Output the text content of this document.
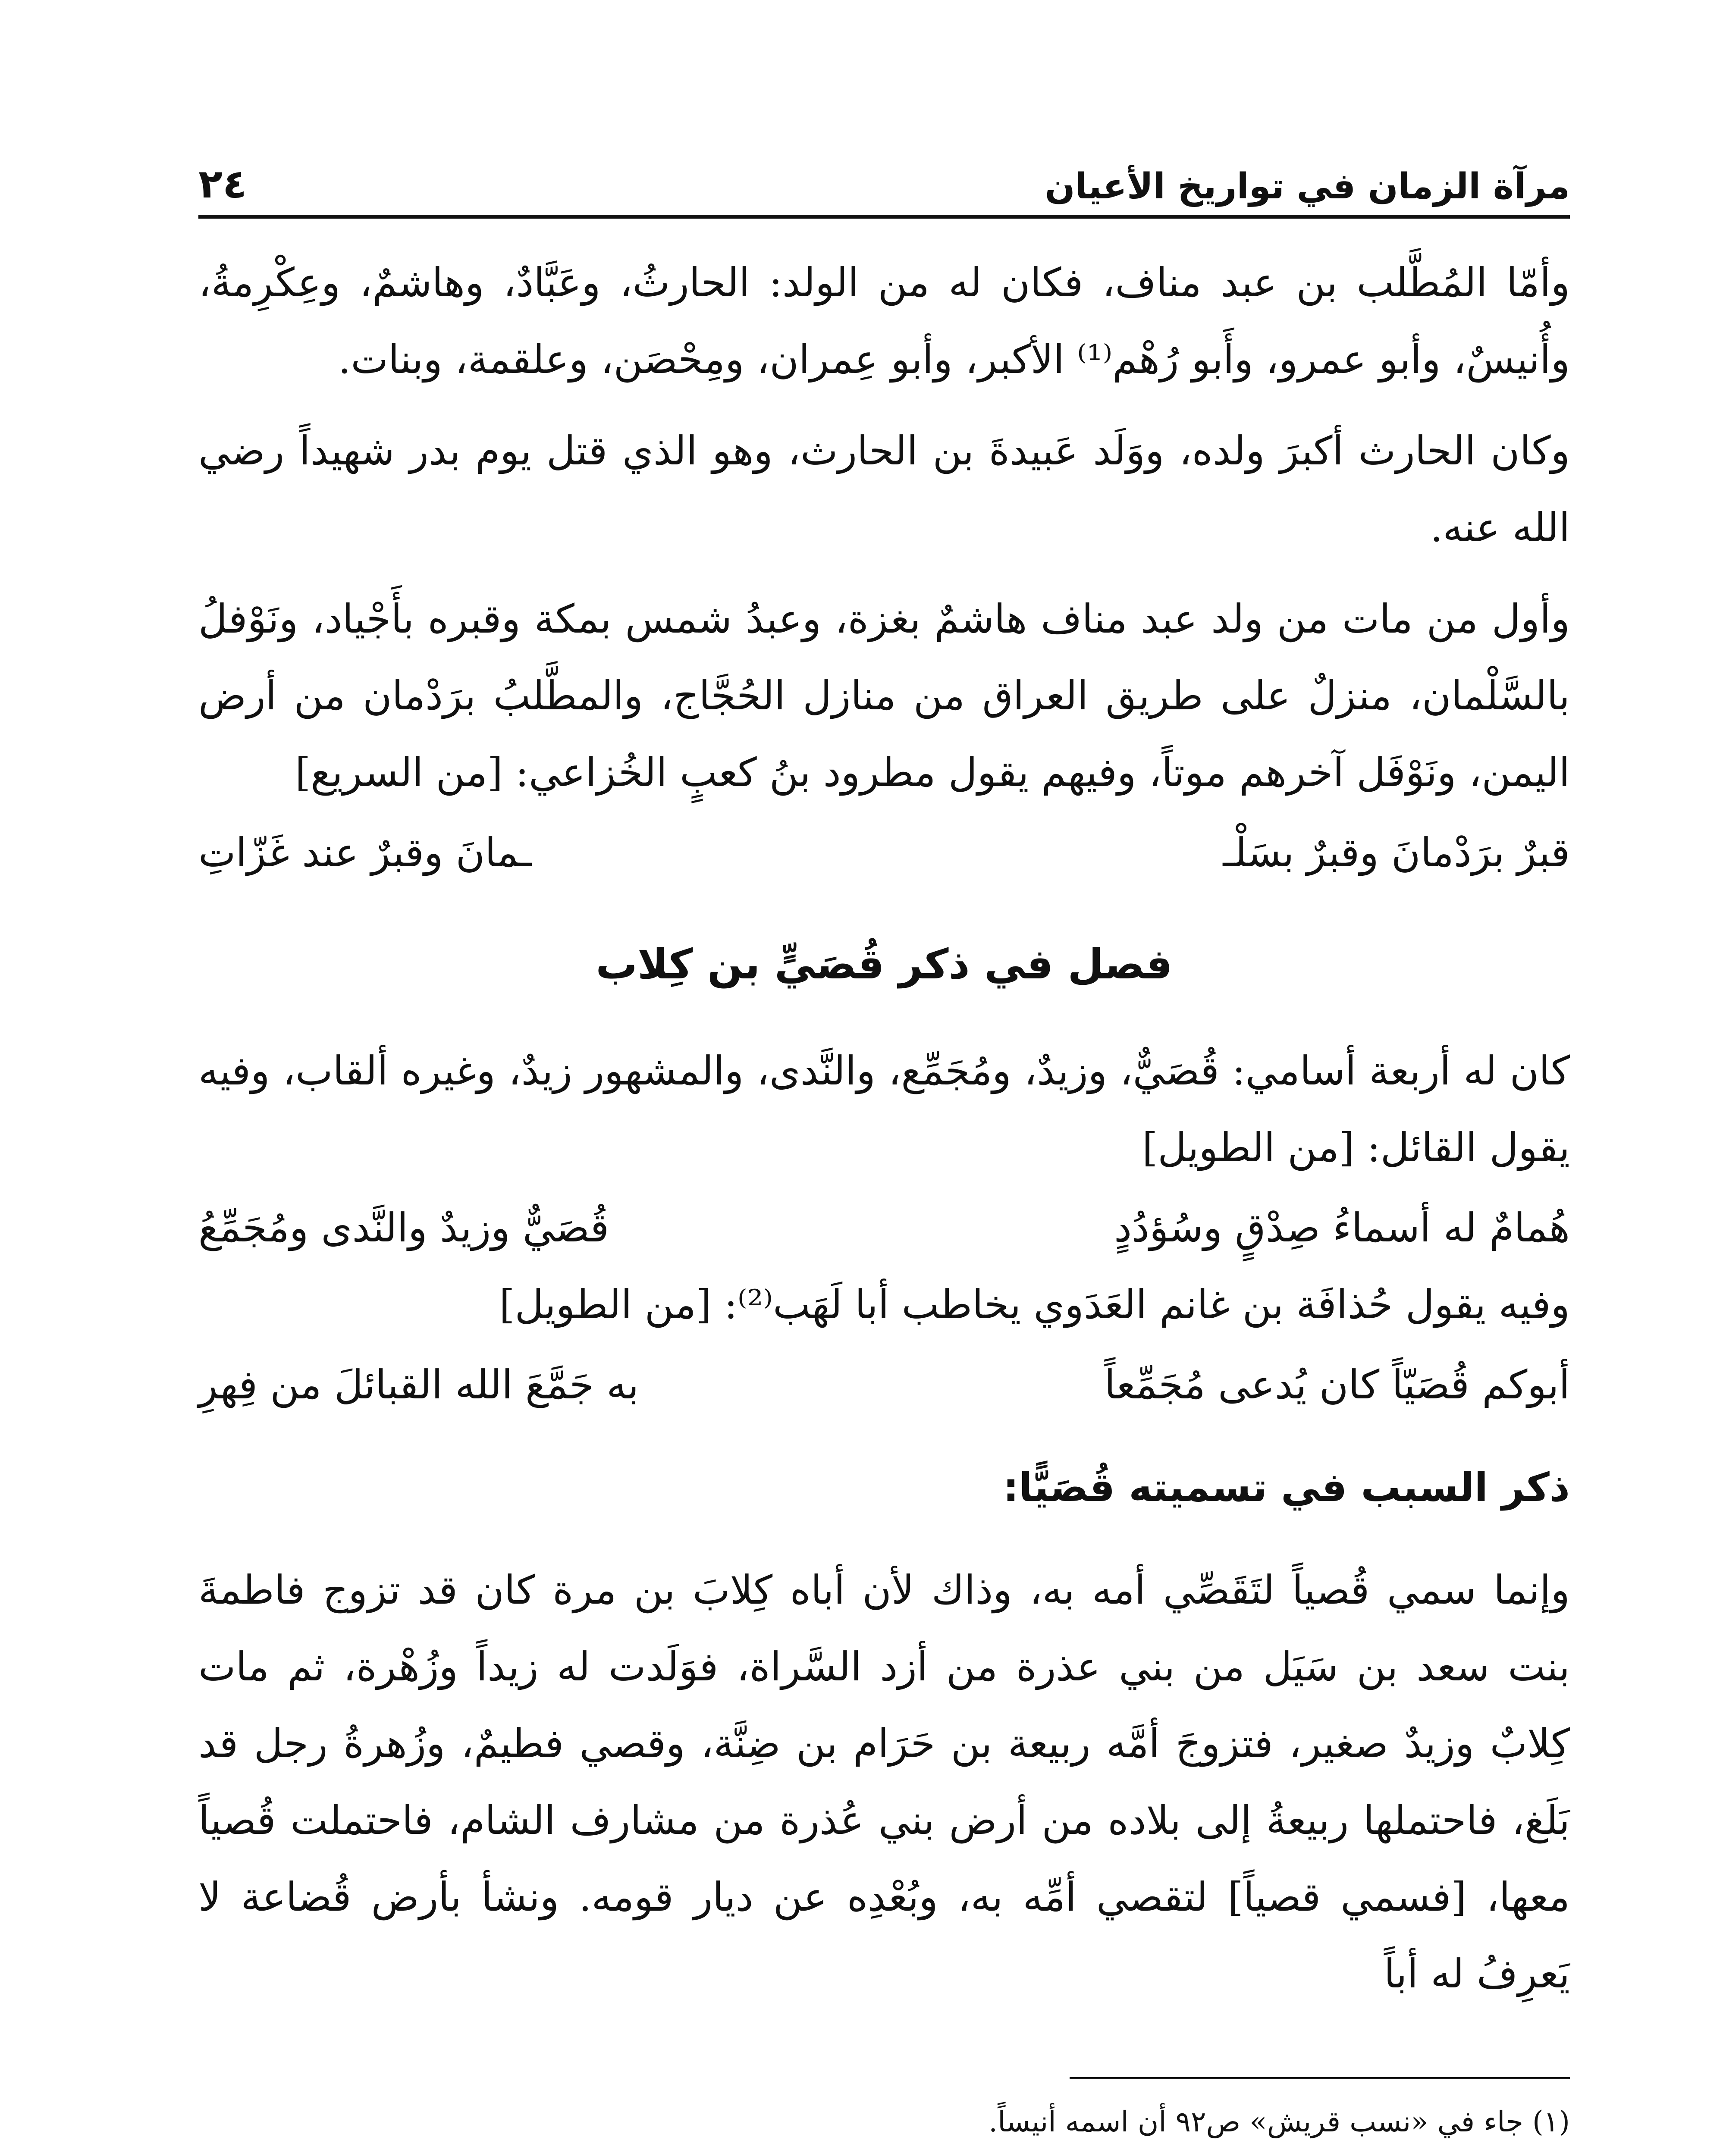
مرآة الزمان في تواريخ الأعيان
٢٤

وأمّا المُطَّلب بن عبد مناف، فكان له من الولد: الحارثُ، وعَبَّادٌ، وهاشمٌ، وعِكْرِمةُ، وأُنيسٌ، وأبو عمرو، وأَبو رُهْم⁽¹⁾ الأكبر، وأبو عِمران، ومِحْصَن، وعلقمة، وبنات.

وكان الحارث أكبرَ ولده، ووَلَد عَبيدةَ بن الحارث، وهو الذي قتل يوم بدر شهيداً رضي الله عنه.

وأول من مات من ولد عبد مناف هاشمٌ بغزة، وعبدُ شمس بمكة وقبره بأَجْياد، ونَوْفلُ بالسَّلْمان، منزلٌ على طريق العراق من منازل الحُجَّاج، والمطَّلبُ برَدْمان من أرض اليمن، ونَوْفَل آخرهم موتاً، وفيهم يقول مطرود بنُ كعبٍ الخُزاعي: [من السريع]

قبرٌ برَدْمانَ وقبرٌ بسَلْـ
ـمانَ وقبرٌ عند غَزّاتِ
فصل في ذكر قُصَيٍّ بن كِلاب

كان له أربعة أسامي: قُصَيٌّ، وزيدٌ، ومُجَمِّع، والنَّدى، والمشهور زيدٌ، وغيره ألقاب، وفيه يقول القائل: [من الطويل]

هُمامٌ له أسماءُ صِدْقٍ وسُؤدُدٍ
قُصَيٌّ وزيدٌ والنَّدى ومُجَمِّعُ

وفيه يقول حُذافَة بن غانم العَدَوي يخاطب أبا لَهَب⁽²⁾: [من الطويل]

أبوكم قُصَيّاً كان يُدعى مُجَمِّعاً
به جَمَّعَ الله القبائلَ من فِهرِ
ذكر السبب في تسميته قُصَيًّا:

وإنما سمي قُصياً لتَقَصِّي أمه به، وذاك لأن أباه كِلابَ بن مرة كان قد تزوج فاطمةَ بنت سعد بن سَيَل من بني عذرة من أزد السَّراة، فوَلَدت له زيداً وزُهْرة، ثم مات كِلابٌ وزيدٌ صغير، فتزوجَ أمَّه ربيعة بن حَرَام بن ضِنَّة، وقصي فطيمٌ، وزُهرةُ رجل قد بَلَغ، فاحتملها ربيعةُ إلى بلاده من أرض بني عُذرة من مشارف الشام، فاحتملت قُصياً معها، [فسمي قصياً] لتقصي أمِّه به، وبُعْدِه عن ديار قومه. ونشأ بأرض قُضاعة لا يَعرِفُ له أباً

(١) جاء في «نسب قريش» ص٩٢ أن اسمه أنيساً.
